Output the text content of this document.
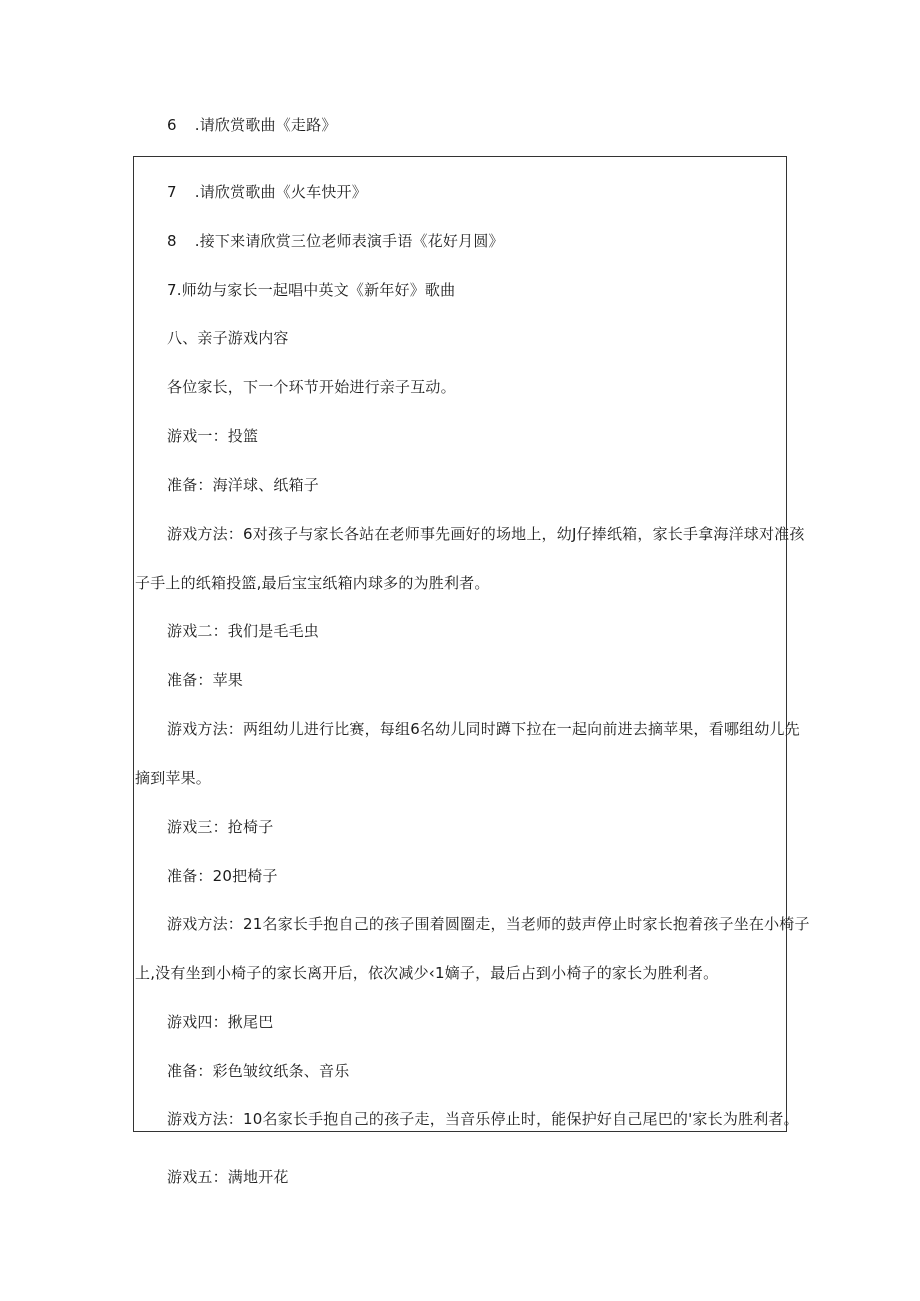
6 .请欣赏歌曲《走路》
7 .请欣赏歌曲《火车快开》
8 .接下来请欣赏三位老师表演手语《花好月圆》
7.师幼与家长一起唱中英文《新年好》歌曲
八、亲子游戏内容
各位家长，下一个环节开始进行亲子互动。
游戏一：投篮
准备：海洋球、纸箱子
游戏方法：6对孩子与家长各站在老师事先画好的场地上，幼J仔捧纸箱，家长手拿海洋球对准孩
子手上的纸箱投篮,最后宝宝纸箱内球多的为胜利者。
游戏二：我们是毛毛虫
准备：苹果
游戏方法：两组幼儿进行比赛，每组6名幼儿同时蹲下拉在一起向前进去摘苹果，看哪组幼儿先
摘到苹果。
游戏三：抢椅子
准备：20把椅子
游戏方法：21名家长手抱自己的孩子围着圆圈走，当老师的鼓声停止时家长抱着孩子坐在小椅子
上,没有坐到小椅子的家长离开后，依次减少‹1嫡子，最后占到小椅子的家长为胜利者。
游戏四：揪尾巴
准备：彩色皱纹纸条、音乐
游戏方法：10名家长手抱自己的孩子走，当音乐停止时，能保护好自己尾巴的'家长为胜利者。
游戏五：满地开花
